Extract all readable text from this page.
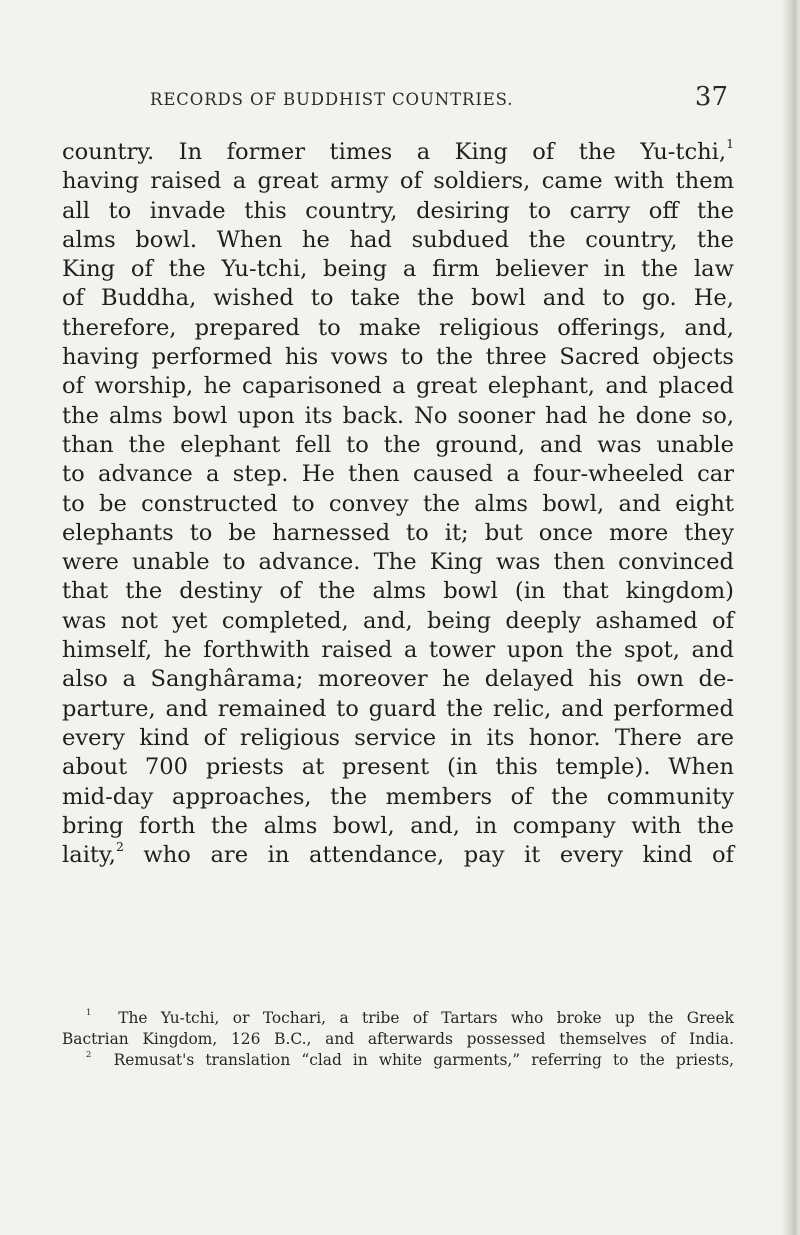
RECORDS OF BUDDHIST COUNTRIES.	37
country. In former times a King of the Yu-tchi,$^1$
having raised a great army of soldiers, came with them
all to invade this country, desiring to carry off the
alms bowl. When he had subdued the country, the
King of the Yu-tchi, being a firm believer in the law
of Buddha, wished to take the bowl and to go. He,
therefore, prepared to make religious offerings, and,
having performed his vows to the three Sacred objects
of worship, he caparisoned a great elephant, and placed
the alms bowl upon its back. No sooner had he done so,
than the elephant fell to the ground, and was unable
to advance a step. He then caused a four-wheeled car
to be constructed to convey the alms bowl, and eight
elephants to be harnessed to it; but once more they
were unable to advance. The King was then convinced
that the destiny of the alms bowl (in that kingdom)
was not yet completed, and, being deeply ashamed of
himself, he forthwith raised a tower upon the spot, and
also a Sanghârama; moreover he delayed his own de-
parture, and remained to guard the relic, and performed
every kind of religious service in its honor. There are
about 700 priests at present (in this temple). When
mid-day approaches, the members of the community
bring forth the alms bowl, and, in company with the
laity,$^2$ who are in attendance, pay it every kind of
$^1$ The Yu-tchi, or Tochari, a tribe of Tartars who broke up the Greek
Bactrian Kingdom, 126 B.C., and afterwards possessed themselves of India.
$^2$ Remusat's translation “clad in white garments,” referring to the priests,
